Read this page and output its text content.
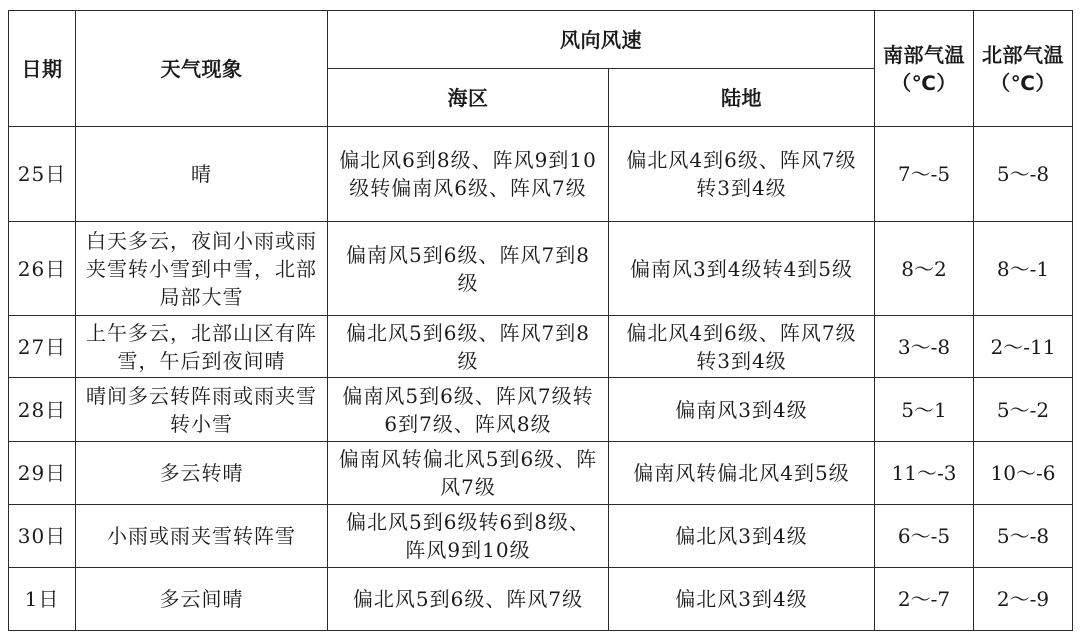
日期	天气现象	风向风速		南部气温（℃）	北部气温（℃）
		海区	陆地		
25日	晴	偏北风6到8级、阵风9到10级转偏南风6级、阵风7级	偏北风4到6级、阵风7级转3到4级	7～-5	5～-8
26日	白天多云，夜间小雨或雨夹雪转小雪到中雪，北部局部大雪	偏南风5到6级、阵风7到8级	偏南风3到4级转4到5级	8～2	8～-1
27日	上午多云，北部山区有阵雪，午后到夜间晴	偏北风5到6级、阵风7到8级	偏北风4到6级、阵风7级转3到4级	3～-8	2～-11
28日	晴间多云转阵雨或雨夹雪转小雪	偏南风5到6级、阵风7级转6到7级、阵风8级	偏南风3到4级	5～1	5～-2
29日	多云转晴	偏南风转偏北风5到6级、阵风7级	偏南风转偏北风4到5级	11～-3	10～-6
30日	小雨或雨夹雪转阵雪	偏北风5到6级转6到8级、阵风9到10级	偏北风3到4级	6～-5	5～-8
1日	多云间晴	偏北风5到6级、阵风7级	偏北风3到4级	2～-7	2～-9
